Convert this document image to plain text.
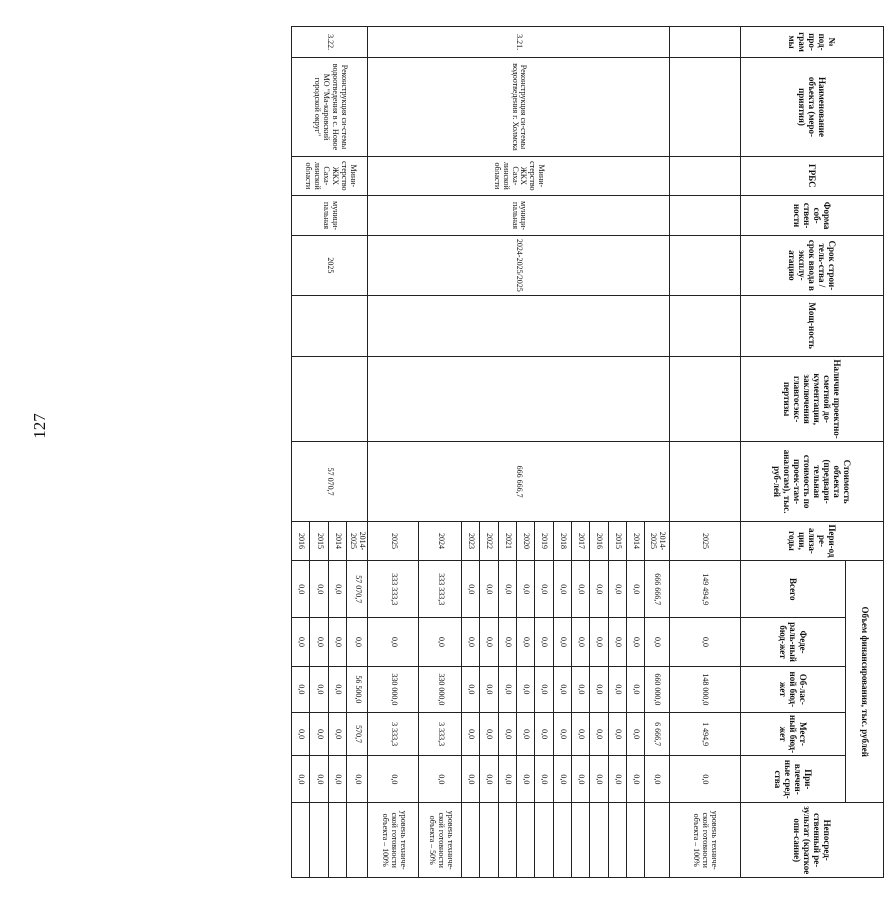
127
№ под-про-грам мы	Наименование объекта (меро-приятия)	ГРБС	Форма соб-ствен-ности	Срок строи-тель-ства / срок ввода в эксплу-атацию	Мощ-ность	Наличие проектно-сметной до-кументации, заключения главгосэкс-пертизы	Стоимость объекта (предвари-тельная стоимость по проек-там-аналогам), тыс. руб-лей	Пери-од ре-ализа-ции, годы	Объем финансирования, тыс. рублей					Непосред-ственный ре-зультат (краткое опи-сание)
									Всего	Феде-раль-ный бюд-жет	Об-лас-ной бюд-жет	Мест-ный бюд-жет	При-влечен-ные сред-ства	
								2025	149 494,9	0,0	148 000,0	1 494,9	0,0	уровень техниче-ской готовности объекта – 100%
3.21.	Реконструкция си-стемы водоотведения г. Холмска	Мини-стерство ЖКХ Саха-линской области	муници-пальная	2024-2025/2025			666 666,7	2014-2025	666 666,7	0,0	660 000,0	6 666,7	0,0	
								2014	0,0	0,0	0,0	0,0	0,0	
								2015	0,0	0,0	0,0	0,0	0,0	
								2016	0,0	0,0	0,0	0,0	0,0	
								2017	0,0	0,0	0,0	0,0	0,0	
								2018	0,0	0,0	0,0	0,0	0,0	
								2019	0,0	0,0	0,0	0,0	0,0	
								2020	0,0	0,0	0,0	0,0	0,0	
								2021	0,0	0,0	0,0	0,0	0,0	
								2022	0,0	0,0	0,0	0,0	0,0	
								2023	0,0	0,0	0,0	0,0	0,0	
								2024	333 333,3	0,0	330 000,0	3 333,3	0,0	уровень техниче-ской готовности объекта – 50%
								2025	333 333,3	0,0	330 000,0	3 333,3	0,0	уровень техниче-ской готовности объекта – 100%
3.22.	Реконструкция си-стемы водоотведения в с. Новое МО "Ма-каровский городской округ"	Мини-стерство ЖКХ Саха-линской области	муници-пальная	2025			57 070,7	2014-2025	57 070,7	0,0	56 500,0	570,7	0,0	
								2014	0,0	0,0	0,0	0,0	0,0	
								2015	0,0	0,0	0,0	0,0	0,0	
								2016	0,0	0,0	0,0	0,0	0,0	
